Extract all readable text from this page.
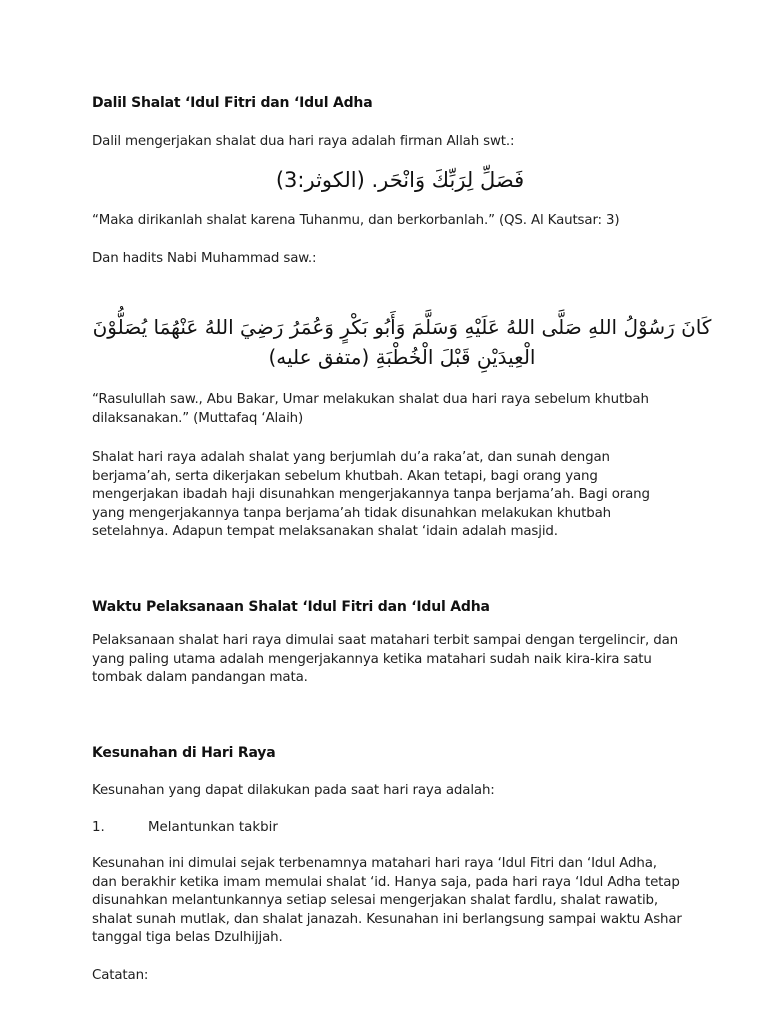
Dalil Shalat ‘Idul Fitri dan ‘Idul Adha

Dalil mengerjakan shalat dua hari raya adalah firman Allah swt.:

فَصَلِّ لِرَبِّكَ وَانْحَر. (الكوثر:3)

“Maka dirikanlah shalat karena Tuhanmu, dan berkorbanlah.” (QS. Al Kautsar: 3)

Dan hadits Nabi Muhammad saw.:

كَانَ رَسُوْلُ اللهِ صَلَّى اللهُ عَلَيْهِ وَسَلَّمَ وَأَبُو بَكْرٍ وَعُمَرُ رَضِيَ اللهُ عَنْهُمَا يُصَلُّوْنَ
الْعِيدَيْنِ قَبْلَ الْخُطْبَةِ (متفق عليه)

“Rasulullah saw., Abu Bakar, Umar melakukan shalat dua hari raya sebelum khutbah dilaksanakan.” (Muttafaq ‘Alaih)

Shalat hari raya adalah shalat yang berjumlah du’a raka’at, dan sunah dengan berjama’ah, serta dikerjakan sebelum khutbah. Akan tetapi, bagi orang yang mengerjakan ibadah haji disunahkan mengerjakannya tanpa berjama’ah. Bagi orang yang mengerjakannya tanpa berjama’ah tidak disunahkan melakukan khutbah setelahnya. Adapun tempat melaksanakan shalat ‘idain adalah masjid.

Waktu Pelaksanaan Shalat ‘Idul Fitri dan ‘Idul Adha

Pelaksanaan shalat hari raya dimulai saat matahari terbit sampai dengan tergelincir, dan yang paling utama adalah mengerjakannya ketika matahari sudah naik kira-kira satu tombak dalam pandangan mata.

Kesunahan di Hari Raya

Kesunahan yang dapat dilakukan pada saat hari raya adalah:

1.	Melantunkan takbir

Kesunahan ini dimulai sejak terbenamnya matahari hari raya ‘Idul Fitri dan ‘Idul Adha, dan berakhir ketika imam memulai shalat ‘id. Hanya saja, pada hari raya ‘Idul Adha tetap disunahkan melantunkannya setiap selesai mengerjakan shalat fardlu, shalat rawatib, shalat sunah mutlak, dan shalat janazah. Kesunahan ini berlangsung sampai waktu Ashar tanggal tiga belas Dzulhijjah.

Catatan:
